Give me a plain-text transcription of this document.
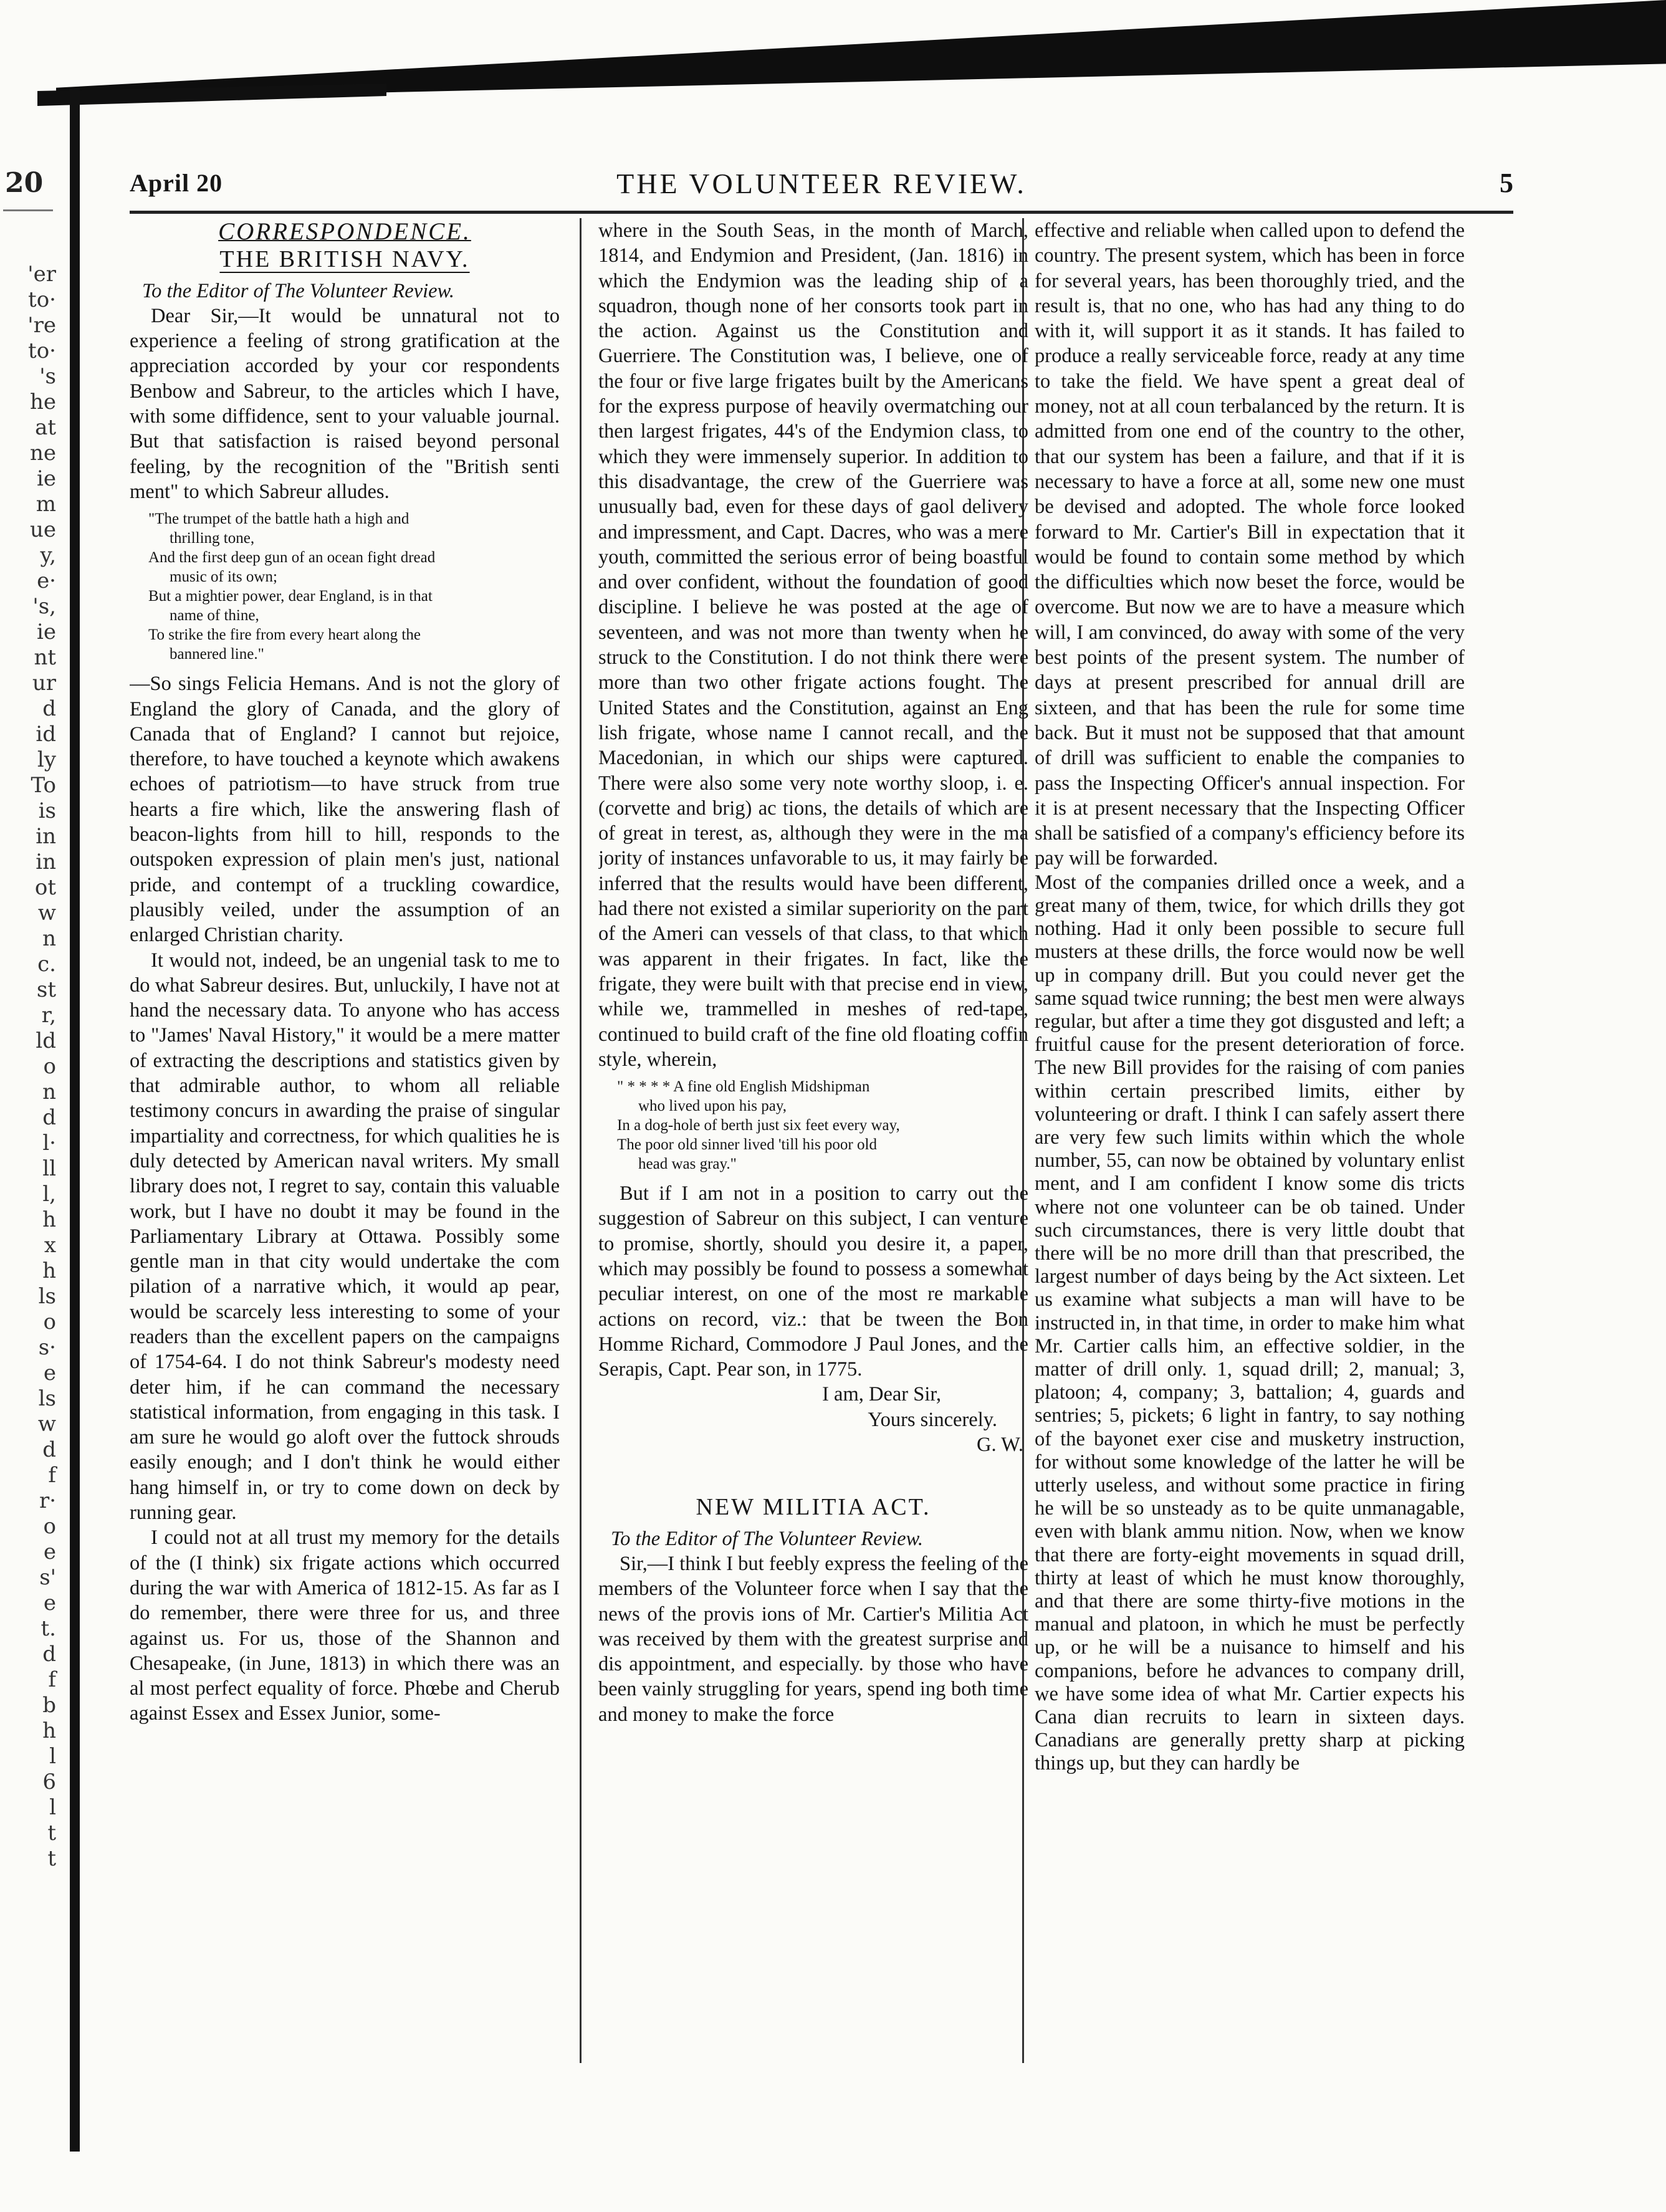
20
'er
to·
're
to·
's
he
at
ne
ie
m
ue
y,
e·
's,
ie
nt
ur
d
id
ly
To
is
in
in
ot
w
n
c.
st
r,
ld
o
n
d
l·
ll
l,
h
x
h
ls
o
s·
e
ls
w
d
f
r·
o
e
s'
e
t.
d
f
b
h
l
6
l
t
t
April 20	THE VOLUNTEER REVIEW.	5
CORRESPONDENCE.
THE BRITISH NAVY.

To the Editor of The Volunteer Review.

Dear Sir,—It would be unnatural not to experience a feeling of strong gratification at the appreciation accorded by your cor respondents Benbow and Sabreur, to the articles which I have, with some diffidence, sent to your valuable journal. But that satisfaction is raised beyond personal feeling, by the recognition of the "British senti ment" to which Sabreur alludes.

"The trumpet of the battle hath a high and
thrilling tone,
And the first deep gun of an ocean fight dread
music of its own;
But a mightier power, dear England, is in that
name of thine,
To strike the fire from every heart along the
bannered line."

—So sings Felicia Hemans. And is not the glory of England the glory of Canada, and the glory of Canada that of England? I cannot but rejoice, therefore, to have touched a keynote which awakens echoes of patriotism—to have struck from true hearts a fire which, like the answering flash of beacon-lights from hill to hill, responds to the outspoken expression of plain men's just, national pride, and contempt of a truckling cowardice, plausibly veiled, under the assumption of an enlarged Christian charity.

It would not, indeed, be an ungenial task to me to do what Sabreur desires. But, unluckily, I have not at hand the necessary data. To anyone who has access to "James' Naval History," it would be a mere matter of extracting the descriptions and statistics given by that admirable author, to whom all reliable testimony concurs in awarding the praise of singular impartiality and correctness, for which qualities he is duly detected by American naval writers. My small library does not, I regret to say, contain this valuable work, but I have no doubt it may be found in the Parliamentary Library at Ottawa. Possibly some gentle man in that city would undertake the com pilation of a narrative which, it would ap pear, would be scarcely less interesting to some of your readers than the excellent papers on the campaigns of 1754-64. I do not think Sabreur's modesty need deter him, if he can command the necessary statistical information, from engaging in this task. I am sure he would go aloft over the futtock shrouds easily enough; and I don't think he would either hang himself in, or try to come down on deck by running gear.

I could not at all trust my memory for the details of the (I think) six frigate actions which occurred during the war with America of 1812-15. As far as I do remember, there were three for us, and three against us. For us, those of the Shannon and Chesapeake, (in June, 1813) in which there was an al most perfect equality of force. Phœbe and Cherub against Essex and Essex Junior, some-

where in the South Seas, in the month of March, 1814, and Endymion and President, (Jan. 1816) in which the Endymion was the leading ship of a squadron, though none of her consorts took part in the action. Against us the Constitution and Guerriere. The Constitution was, I believe, one of the four or five large frigates built by the Americans for the express purpose of heavily overmatching our then largest frigates, 44's of the Endymion class, to which they were immensely superior. In addition to this disadvantage, the crew of the Guerriere was unusually bad, even for these days of gaol delivery and impressment, and Capt. Dacres, who was a mere youth, committed the serious error of being boastful and over confident, without the foundation of good discipline. I believe he was posted at the age of seventeen, and was not more than twenty when he struck to the Constitution. I do not think there were more than two other frigate actions fought. The United States and the Constitution, against an Eng lish frigate, whose name I cannot recall, and the Macedonian, in which our ships were captured. There were also some very note worthy sloop, i. e. (corvette and brig) ac tions, the details of which are of great in terest, as, although they were in the ma jority of instances unfavorable to us, it may fairly be inferred that the results would have been different, had there not existed a similar superiority on the part of the Ameri can vessels of that class, to that which was apparent in their frigates. In fact, like the frigate, they were built with that precise end in view, while we, trammelled in meshes of red-tape, continued to build craft of the fine old floating coffin style, wherein,

" * * * * A fine old English Midshipman
who lived upon his pay,
In a dog-hole of berth just six feet every way,
The poor old sinner lived 'till his poor old
head was gray."

But if I am not in a position to carry out the suggestion of Sabreur on this subject, I can venture to promise, shortly, should you desire it, a paper, which may possibly be found to possess a somewhat peculiar interest, on one of the most re markable actions on record, viz.: that be tween the Bon Homme Richard, Commodore J Paul Jones, and the Serapis, Capt. Pear son, in 1775.

I am, Dear Sir,

Yours sincerely.

G. W.

NEW MILITIA ACT.

To the Editor of The Volunteer Review.

Sir,—I think I but feebly express the feeling of the members of the Volunteer force when I say that the news of the provis ions of Mr. Cartier's Militia Act was received by them with the greatest surprise and dis appointment, and especially. by those who have been vainly struggling for years, spend ing both time and money to make the force

effective and reliable when called upon to defend the country. The present system, which has been in force for several years, has been thoroughly tried, and the result is, that no one, who has had any thing to do with it, will support it as it stands. It has failed to produce a really serviceable force, ready at any time to take the field. We have spent a great deal of money, not at all coun terbalanced by the return. It is admitted from one end of the country to the other, that our system has been a failure, and that if it is necessary to have a force at all, some new one must be devised and adopted. The whole force looked forward to Mr. Cartier's Bill in expectation that it would be found to contain some method by which the difficulties which now beset the force, would be overcome. But now we are to have a measure which will, I am convinced, do away with some of the very best points of the present system. The number of days at present prescribed for annual drill are sixteen, and that has been the rule for some time back. But it must not be supposed that that amount of drill was sufficient to enable the companies to pass the Inspecting Officer's annual inspection. For it is at present necessary that the Inspecting Officer shall be satisfied of a company's efficiency before its pay will be forwarded.

Most of the companies drilled once a week, and a great many of them, twice, for which drills they got nothing. Had it only been possible to secure full musters at these drills, the force would now be well up in company drill. But you could never get the same squad twice running; the best men were always regular, but after a time they got disgusted and left; a fruitful cause for the present deterioration of force. The new Bill provides for the raising of com panies within certain prescribed limits, either by volunteering or draft. I think I can safely assert there are very few such limits within which the whole number, 55, can now be obtained by voluntary enlist ment, and I am confident I know some dis tricts where not one volunteer can be ob tained. Under such circumstances, there is very little doubt that there will be no more drill than that prescribed, the largest number of days being by the Act sixteen. Let us examine what subjects a man will have to be instructed in, in that time, in order to make him what Mr. Cartier calls him, an effective soldier, in the matter of drill only. 1, squad drill; 2, manual; 3, platoon; 4, company; 3, battalion; 4, guards and sentries; 5, pickets; 6 light in fantry, to say nothing of the bayonet exer cise and musketry instruction, for without some knowledge of the latter he will be utterly useless, and without some practice in firing he will be so unsteady as to be quite unmanagable, even with blank ammu nition. Now, when we know that there are forty-eight movements in squad drill, thirty at least of which he must know thoroughly, and that there are some thirty-five motions in the manual and platoon, in which he must be perfectly up, or he will be a nuisance to himself and his companions, before he advances to company drill, we have some idea of what Mr. Cartier expects his Cana dian recruits to learn in sixteen days. Canadians are generally pretty sharp at picking things up, but they can hardly be
